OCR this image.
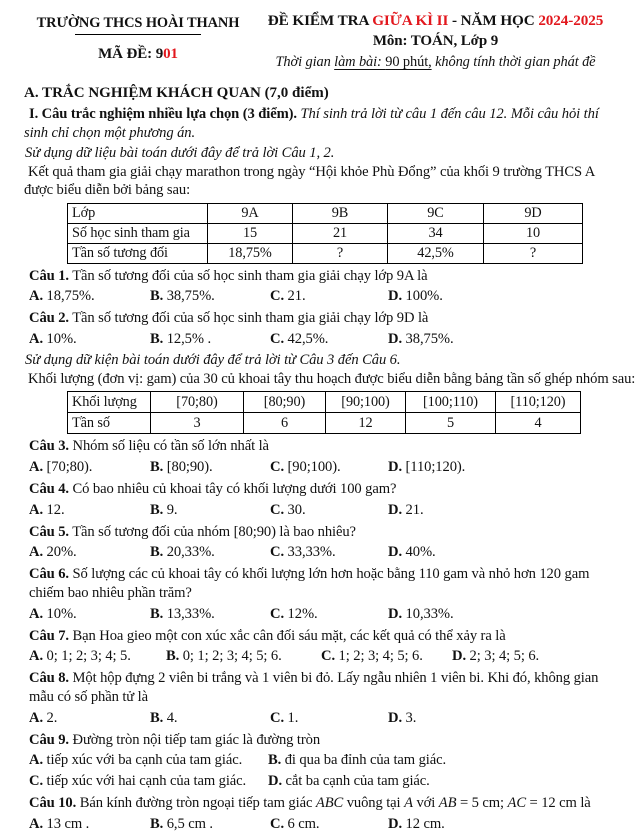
TRƯỜNG THCS HOÀI THANH
MÃ ĐỀ: 901
ĐỀ KIỂM TRA GIỮA KÌ II - NĂM HỌC 2024-2025
Môn: TOÁN, Lớp 9
Thời gian làm bài: 90 phút, không tính thời gian phát đề
A. TRẮC NGHIỆM KHÁCH QUAN (7,0 điểm)

I. Câu trắc nghiệm nhiều lựa chọn (3 điểm). Thí sinh trả lời từ câu 1 đến câu 12. Mỗi câu hỏi thí sinh chỉ chọn một phương án.

Sử dụng dữ liệu bài toán dưới đây để trả lời Câu 1, 2.

Kết quả tham gia giải chạy marathon trong ngày “Hội khỏe Phù Đổng” của khối 9 trường THCS A được biểu diễn bởi bảng sau:

Lớp	9A	9B	9C	9D
Số học sinh tham gia	15	21	34	10
Tần số tương đối	18,75%	?	42,5%	?
Câu 1. Tần số tương đối của số học sinh tham gia giải chạy lớp 9A là
A. 18,75%.	B. 38,75%.	C. 21.	D. 100%.
Câu 2. Tần số tương đối của số học sinh tham gia giải chạy lớp 9D là
A. 10%.	B. 12,5% .	C. 42,5%.	D. 38,75%.

Sử dụng dữ kiện bài toán dưới đây để trả lời từ Câu 3 đến Câu 6.

Khối lượng (đơn vị: gam) của 30 củ khoai tây thu hoạch được biểu diễn bằng bảng tần số ghép nhóm sau:

Khối lượng	[70;80)	[80;90)	[90;100)	[100;110)	[110;120)
Tần số	3	6	12	5	4
Câu 3. Nhóm số liệu có tần số lớn nhất là
A. [70;80).	B. [80;90).	C. [90;100).	D. [110;120).
Câu 4. Có bao nhiêu củ khoai tây có khối lượng dưới 100 gam?
A. 12.	B. 9.	C. 30.	D. 21.
Câu 5. Tần số tương đối của nhóm [80;90) là bao nhiêu?
A. 20%.	B. 20,33%.	C. 33,33%.	D. 40%.
Câu 6. Số lượng các củ khoai tây có khối lượng lớn hơn hoặc bằng 110 gam và nhỏ hơn 120 gam chiếm bao nhiêu phần trăm?
A. 10%.	B. 13,33%.	C. 12%.	D. 10,33%.
Câu 7. Bạn Hoa gieo một con xúc xắc cân đối sáu mặt, các kết quả có thể xảy ra là
A. 0; 1; 2; 3; 4; 5.	B. 0; 1; 2; 3; 4; 5; 6.	C. 1; 2; 3; 4; 5; 6.	D. 2; 3; 4; 5; 6.
Câu 8. Một hộp đựng 2 viên bi trắng và 1 viên bi đỏ. Lấy ngẫu nhiên 1 viên bi. Khi đó, không gian mẫu có số phần tử là
A. 2.	B. 4.	C. 1.	D. 3.
Câu 9. Đường tròn nội tiếp tam giác là đường tròn
A. tiếp xúc với ba cạnh của tam giác.	B. đi qua ba đỉnh của tam giác.
C. tiếp xúc với hai cạnh của tam giác.	D. cắt ba cạnh của tam giác.
Câu 10. Bán kính đường tròn ngoại tiếp tam giác ABC vuông tại A với AB = 5 cm; AC = 12 cm là
A. 13 cm .	B. 6,5 cm .	C. 6 cm.	D. 12 cm.
